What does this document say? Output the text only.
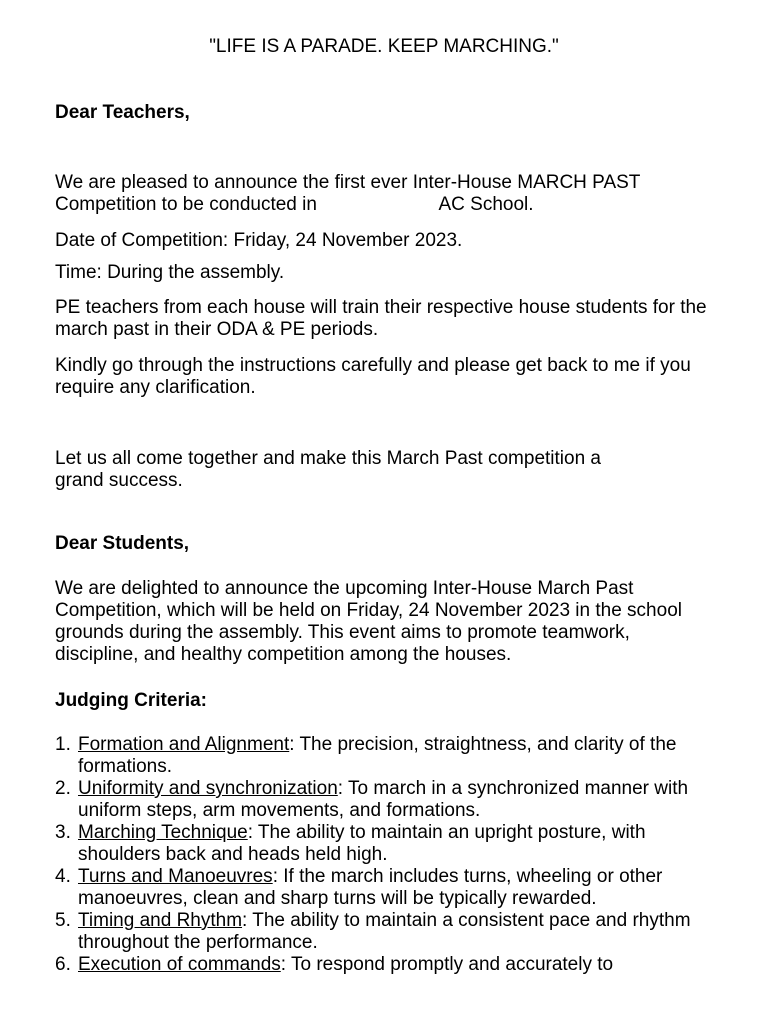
"LIFE IS A PARADE. KEEP MARCHING."

Dear Teachers,

We are pleased to announce the first ever Inter-House MARCH PAST Competition to be conducted in	AC School.

Date of Competition: Friday, 24 November 2023.

Time: During the assembly.

PE teachers from each house will train their respective house students for the march past in their ODA & PE periods.

Kindly go through the instructions carefully and please get back to me if you require any clarification.

Let us all come together and make this March Past competition a grand success.

Dear Students,

We are delighted to announce the upcoming Inter-House March Past Competition, which will be held on Friday, 24 November 2023 in the school grounds during the assembly. This event aims to promote teamwork, discipline, and healthy competition among the houses.

Judging Criteria:

1. Formation and Alignment: The precision, straightness, and clarity of the formations.
2. Uniformity and synchronization: To march in a synchronized manner with uniform steps, arm movements, and formations.
3. Marching Technique: The ability to maintain an upright posture, with shoulders back and heads held high.
4. Turns and Manoeuvres: If the march includes turns, wheeling or other manoeuvres, clean and sharp turns will be typically rewarded.
5. Timing and Rhythm: The ability to maintain a consistent pace and rhythm throughout the performance.
6. Execution of commands: To respond promptly and accurately to
